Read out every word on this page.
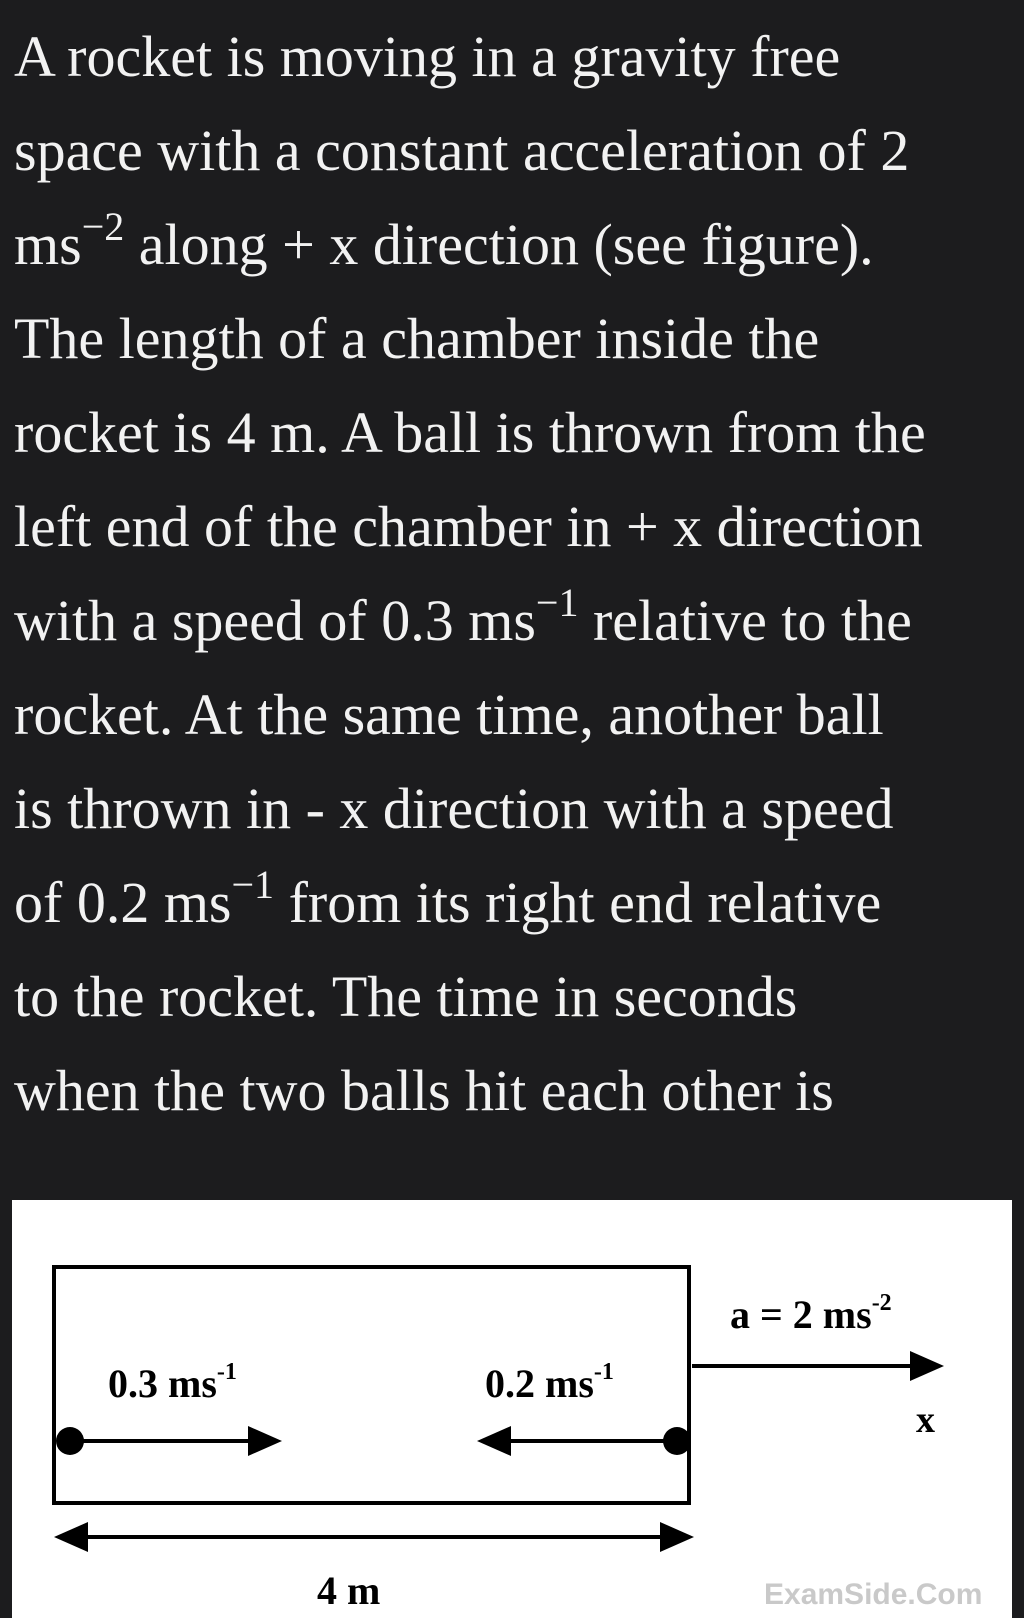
A rocket is moving in a gravity free
space with a constant acceleration of 2
$ms^{-2}$ along + x direction (see figure).
The length of a chamber inside the
rocket is 4 m. A ball is thrown from the
left end of the chamber in + x direction
with a speed of 0.3 $ms^{-1}$ relative to the
rocket. At the same time, another ball
is thrown in - x direction with a speed
of 0.2 $ms^{-1}$ from its right end relative
to the rocket. The time in seconds
when the two balls hit each other is
0.3 $ms^{-1}$	0.2 $ms^{-1}$
a = 2 $ms^{-2}$
x
4 m	ExamSide.Com
